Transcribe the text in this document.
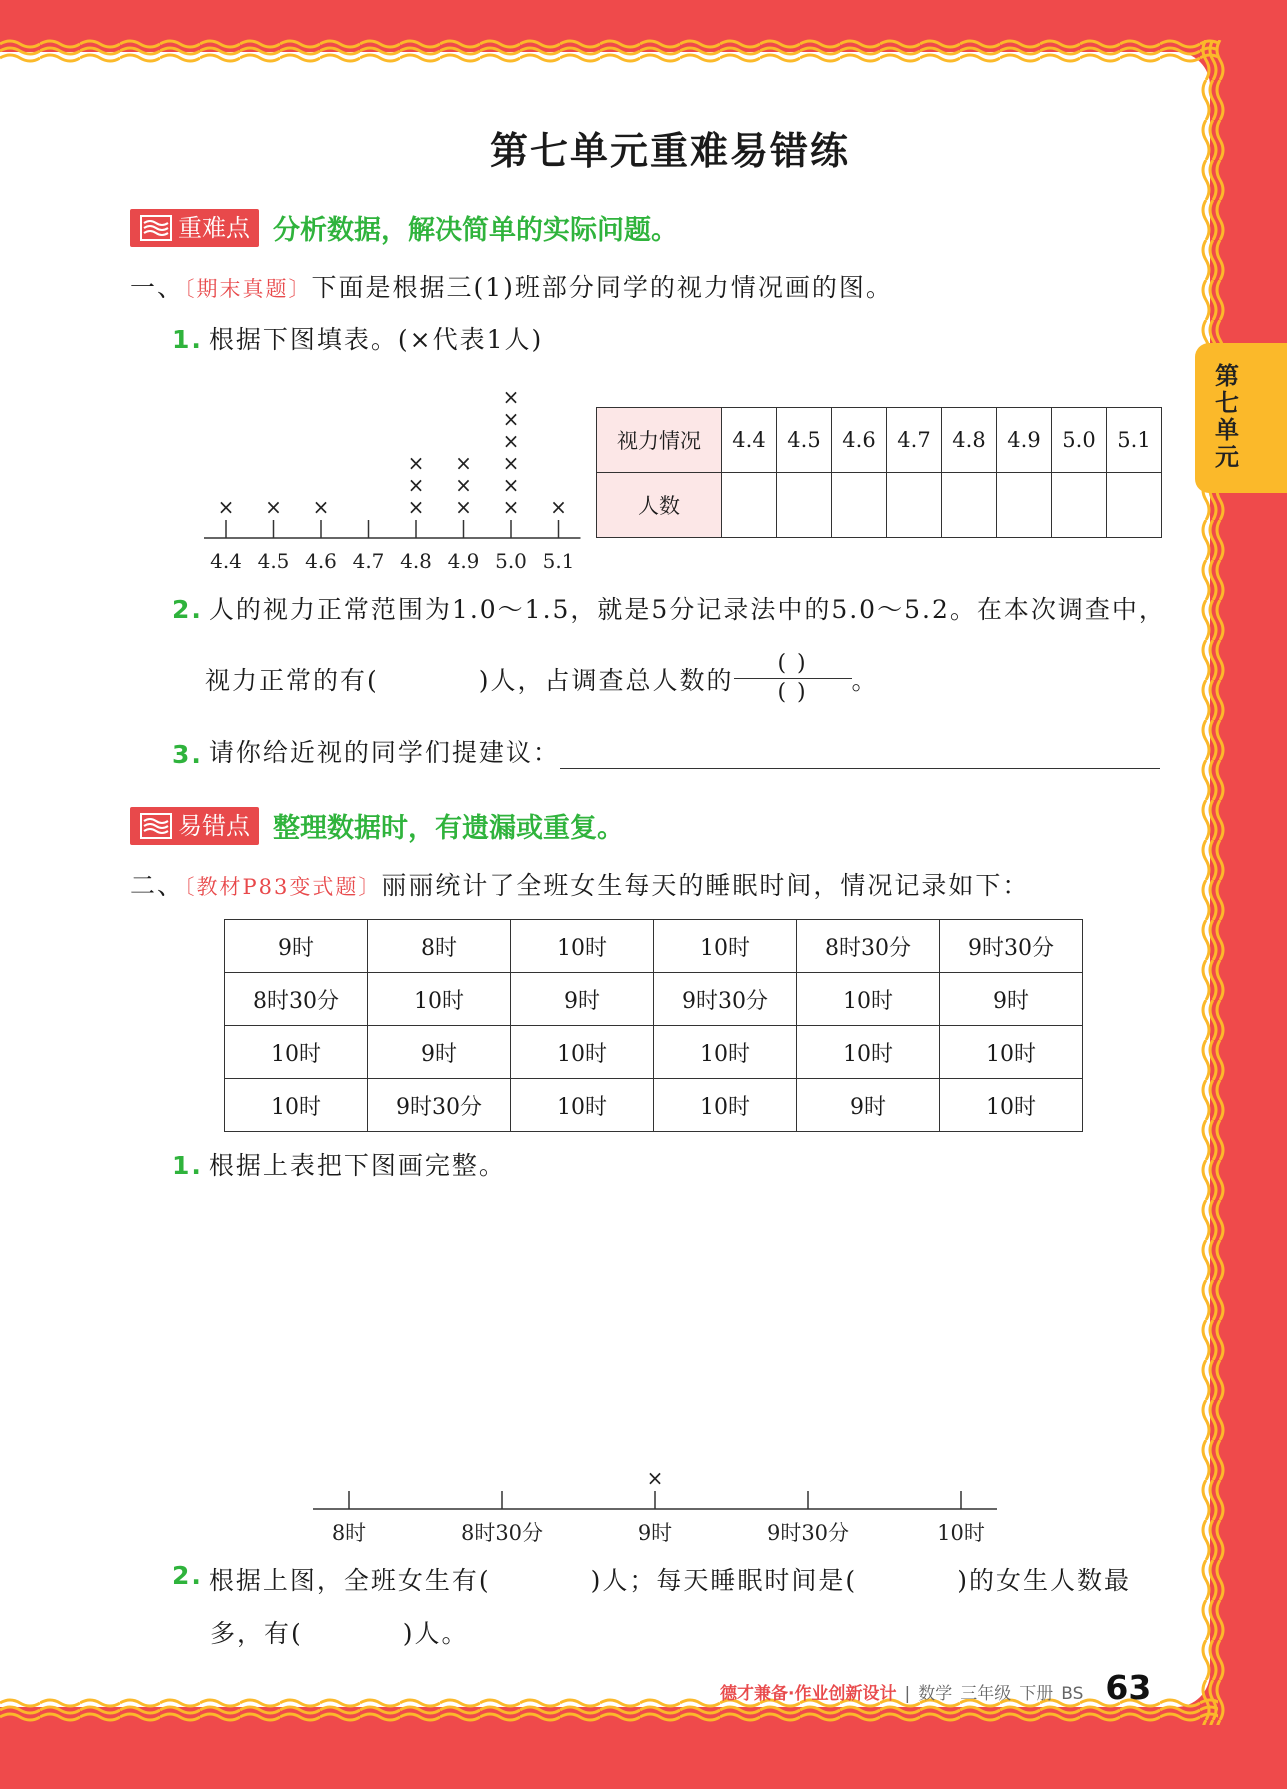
第七单元
第七单元重难易错练
重难点 分析数据，解决简单的实际问题。
一、〔期末真题〕下面是根据三(1)班部分同学的视力情况画的图。
1. 根据下图填表。(×代表1人)
4.4
×
4.5
×
4.6
×
4.7 4.8
×
×
×
4.9
×
×
×
5.0
×
×
×
×
×
×
5.1
×
视力情况	4.4	4.5	4.6	4.7	4.8	4.9	5.0	5.1
人数								
2. 人的视力正常范围为1.0～1.5，就是5分记录法中的5.0～5.2。在本次调查中，
视力正常的有(	)人，占调查总人数的 $\frac{( )}{( )}$ 。
3. 请你给近视的同学们提建议：
易错点 整理数据时，有遗漏或重复。
二、〔教材P83变式题〕丽丽统计了全班女生每天的睡眠时间，情况记录如下：
9时	8时	10时	10时	8时30分	9时30分
8时30分	10时	9时	9时30分	10时	9时
10时	9时	10时	10时	10时	10时
10时	9时30分	10时	10时	9时	10时
1. 根据上表把下图画完整。
8时	8时30分	9时
×
9时30分	10时
2. 根据上图，全班女生有(	)人；每天睡眠时间是(	)的女生人数最
多，有(	)人。
德才兼备·作业创新设计 | 数学 三年级 下册 BS 63
